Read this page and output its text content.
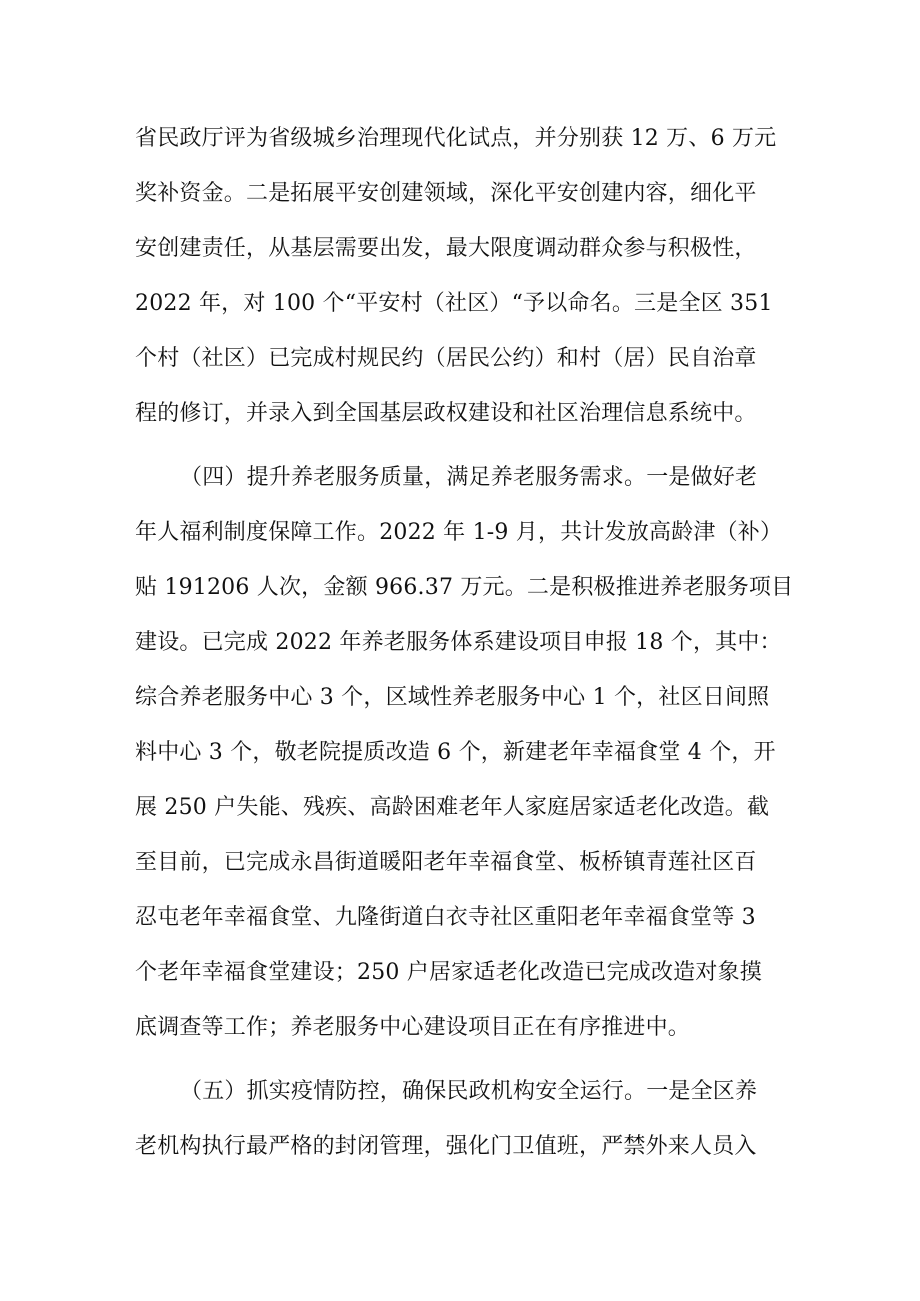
省民政厅评为省级城乡治理现代化试点，并分别获 12 万、6 万元
奖补资金。二是拓展平安创建领域，深化平安创建内容，细化平
安创建责任，从基层需要出发，最大限度调动群众参与积极性，
2022 年，对 100 个“平安村（社区）“予以命名。三是全区 351
个村（社区）已完成村规民约（居民公约）和村（居）民自治章
程的修订，并录入到全国基层政权建设和社区治理信息系统中。
（四）提升养老服务质量，满足养老服务需求。一是做好老
年人福利制度保障工作。2022 年 1-9 月，共计发放高龄津（补）
贴 191206 人次，金额 966.37 万元。二是积极推进养老服务项目
建设。已完成 2022 年养老服务体系建设项目申报 18 个，其中：
综合养老服务中心 3 个，区域性养老服务中心 1 个，社区日间照
料中心 3 个，敬老院提质改造 6 个，新建老年幸福食堂 4 个，开
展 250 户失能、残疾、高龄困难老年人家庭居家适老化改造。截
至目前，已完成永昌街道暖阳老年幸福食堂、板桥镇青莲社区百
忍屯老年幸福食堂、九隆街道白衣寺社区重阳老年幸福食堂等 3
个老年幸福食堂建设；250 户居家适老化改造已完成改造对象摸
底调查等工作；养老服务中心建设项目正在有序推进中。
（五）抓实疫情防控，确保民政机构安全运行。一是全区养
老机构执行最严格的封闭管理，强化门卫值班，严禁外来人员入
